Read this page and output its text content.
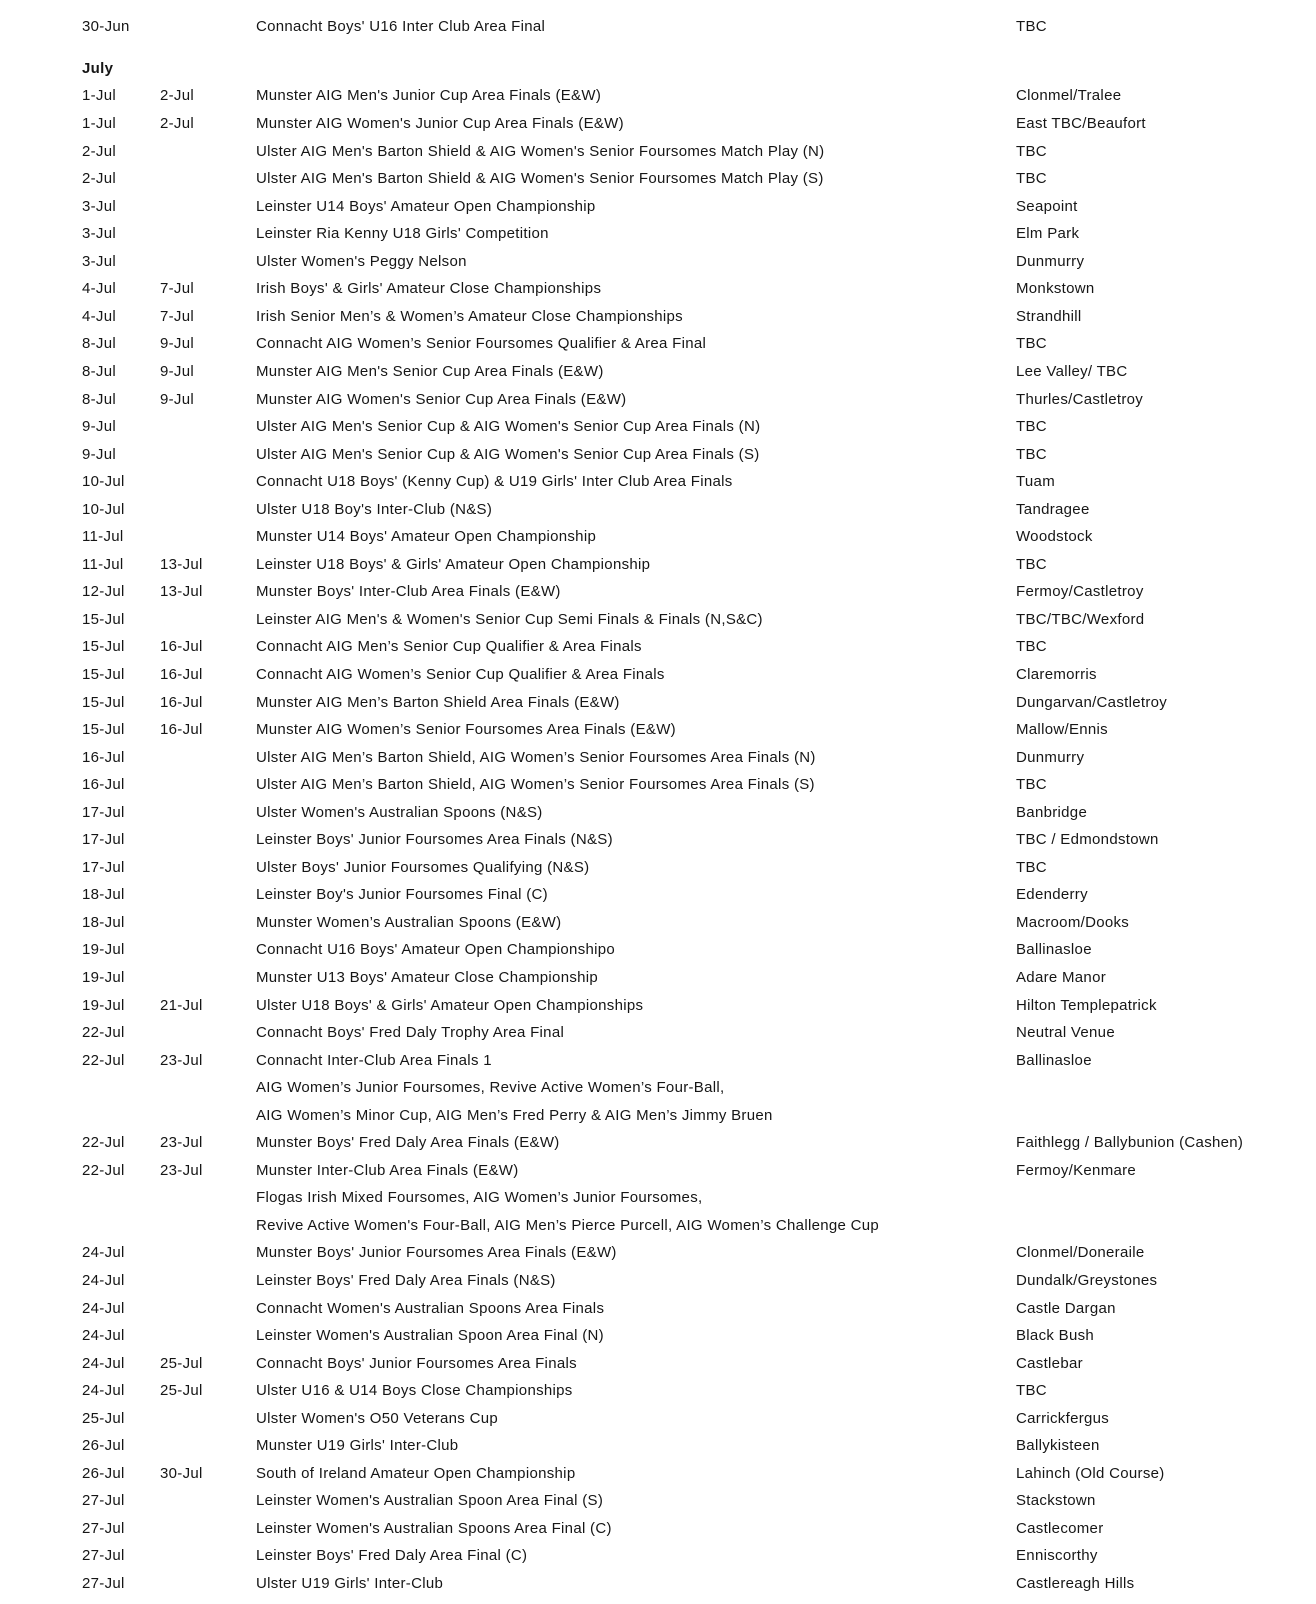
30-Jun	Connacht Boys' U16 Inter Club Area Final	TBC
July
1-Jul	2-Jul	Munster AIG Men's Junior Cup Area Finals (E&W)	Clonmel/Tralee
1-Jul	2-Jul	Munster AIG Women's Junior Cup Area Finals (E&W)	East TBC/Beaufort
2-Jul	Ulster AIG Men's Barton Shield & AIG Women's Senior Foursomes Match Play (N)	TBC
2-Jul	Ulster AIG Men's Barton Shield & AIG Women's Senior Foursomes Match Play (S)	TBC
3-Jul	Leinster U14 Boys' Amateur Open Championship	Seapoint
3-Jul	Leinster Ria Kenny U18 Girls' Competition	Elm Park
3-Jul	Ulster Women's Peggy Nelson	Dunmurry
4-Jul	7-Jul	Irish Boys' & Girls' Amateur Close Championships	Monkstown
4-Jul	7-Jul	Irish Senior Men’s & Women’s Amateur Close Championships	Strandhill
8-Jul	9-Jul	Connacht AIG Women’s Senior Foursomes Qualifier & Area Final	TBC
8-Jul	9-Jul	Munster AIG Men's Senior Cup Area Finals (E&W)	Lee Valley/ TBC
8-Jul	9-Jul	Munster AIG Women's Senior Cup Area Finals (E&W)	Thurles/Castletroy
9-Jul	Ulster AIG Men's Senior Cup & AIG Women's Senior Cup Area Finals (N)	TBC
9-Jul	Ulster AIG Men's Senior Cup & AIG Women's Senior Cup Area Finals (S)	TBC
10-Jul	Connacht U18 Boys' (Kenny Cup) & U19 Girls' Inter Club Area Finals	Tuam
10-Jul	Ulster U18 Boy's Inter-Club (N&S)	Tandragee
11-Jul	Munster U14 Boys' Amateur Open Championship	Woodstock
11-Jul 13-Jul	Leinster U18 Boys' & Girls' Amateur Open Championship	TBC
12-Jul 13-Jul	Munster Boys' Inter-Club Area Finals (E&W)	Fermoy/Castletroy
15-Jul	Leinster AIG Men's & Women's Senior Cup Semi Finals & Finals (N,S&C)	TBC/TBC/Wexford
15-Jul 16-Jul	Connacht AIG Men’s Senior Cup Qualifier & Area Finals	TBC
15-Jul 16-Jul	Connacht AIG Women’s Senior Cup Qualifier & Area Finals	Claremorris
15-Jul 16-Jul	Munster AIG Men’s Barton Shield Area Finals (E&W)	Dungarvan/Castletroy
15-Jul 16-Jul	Munster AIG Women’s Senior Foursomes Area Finals (E&W)	Mallow/Ennis
16-Jul	Ulster AIG Men’s Barton Shield, AIG Women’s Senior Foursomes Area Finals (N)	Dunmurry
16-Jul	Ulster AIG Men’s Barton Shield, AIG Women’s Senior Foursomes Area Finals (S)	TBC
17-Jul	Ulster Women's Australian Spoons (N&S)	Banbridge
17-Jul	Leinster Boys' Junior Foursomes Area Finals (N&S)	TBC / Edmondstown
17-Jul	Ulster Boys' Junior Foursomes Qualifying (N&S)	TBC
18-Jul	Leinster Boy's Junior Foursomes Final (C)	Edenderry
18-Jul	Munster Women’s Australian Spoons (E&W)	Macroom/Dooks
19-Jul	Connacht U16 Boys' Amateur Open Championshipo	Ballinasloe
19-Jul	Munster U13 Boys' Amateur Close Championship	Adare Manor
19-Jul 21-Jul	Ulster U18 Boys' & Girls' Amateur Open Championships	Hilton Templepatrick
22-Jul	Connacht Boys' Fred Daly Trophy Area Final	Neutral Venue
22-Jul 23-Jul	Connacht Inter-Club Area Finals 1	Ballinasloe
AIG Women’s Junior Foursomes, Revive Active Women’s Four-Ball,
AIG Women’s Minor Cup, AIG Men’s Fred Perry & AIG Men’s Jimmy Bruen
22-Jul 23-Jul	Munster Boys' Fred Daly Area Finals (E&W)	Faithlegg / Ballybunion (Cashen)
22-Jul 23-Jul	Munster Inter-Club Area Finals (E&W)	Fermoy/Kenmare
Flogas Irish Mixed Foursomes, AIG Women’s Junior Foursomes,
Revive Active Women's Four-Ball, AIG Men’s Pierce Purcell, AIG Women’s Challenge Cup
24-Jul	Munster Boys' Junior Foursomes Area Finals (E&W)	Clonmel/Doneraile
24-Jul	Leinster Boys' Fred Daly Area Finals (N&S)	Dundalk/Greystones
24-Jul	Connacht Women's Australian Spoons Area Finals	Castle Dargan
24-Jul	Leinster Women's Australian Spoon Area Final (N)	Black Bush
24-Jul 25-Jul	Connacht Boys' Junior Foursomes Area Finals	Castlebar
24-Jul 25-Jul	Ulster U16 & U14 Boys Close Championships	TBC
25-Jul	Ulster Women's O50 Veterans Cup	Carrickfergus
26-Jul	Munster U19 Girls' Inter-Club	Ballykisteen
26-Jul 30-Jul	South of Ireland Amateur Open Championship	Lahinch (Old Course)
27-Jul	Leinster Women's Australian Spoon Area Final (S)	Stackstown
27-Jul	Leinster Women's Australian Spoons Area Final (C)	Castlecomer
27-Jul	Leinster Boys' Fred Daly Area Final (C)	Enniscorthy
27-Jul	Ulster U19 Girls' Inter-Club	Castlereagh Hills
